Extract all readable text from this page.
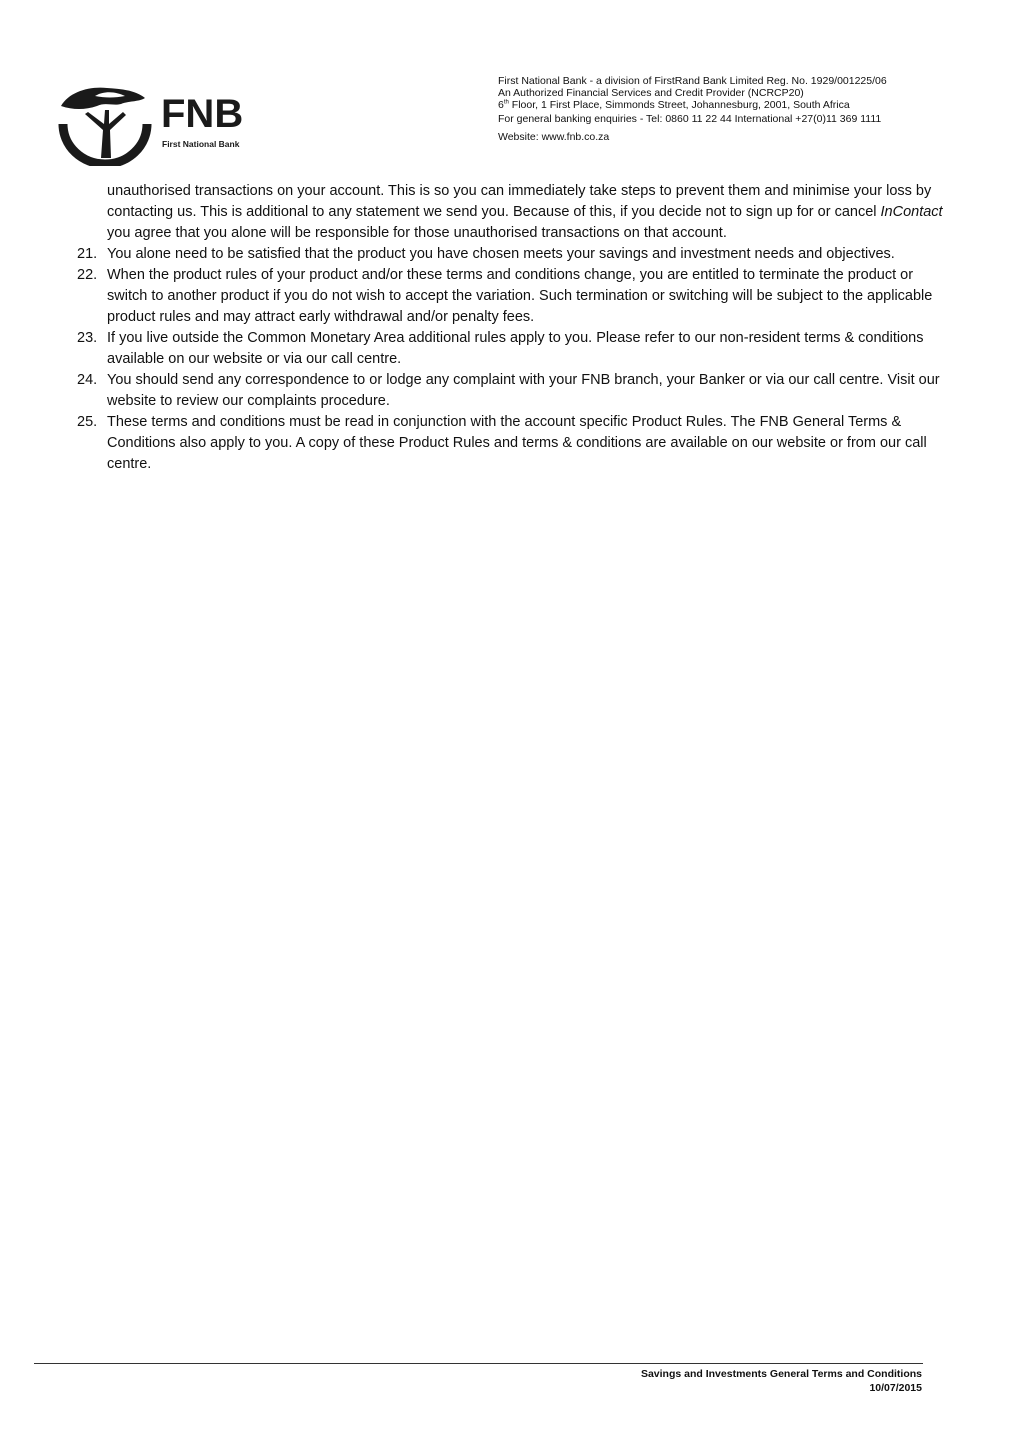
FNB
First National Bank
First National Bank - a division of FirstRand Bank Limited Reg. No. 1929/001225/06
An Authorized Financial Services and Credit Provider (NCRCP20)
6th Floor, 1 First Place, Simmonds Street, Johannesburg, 2001, South Africa
For general banking enquiries - Tel: 0860 11 22 44 International +27(0)11 369 1111
Website: www.fnb.co.za
unauthorised transactions on your account. This is so you can immediately take steps to prevent them and minimise your loss by contacting us. This is additional to any statement we send you. Because of this, if you decide not to sign up for or cancel InContact you agree that you alone will be responsible for those unauthorised transactions on that account.
21. You alone need to be satisfied that the product you have chosen meets your savings and investment needs and objectives.
22. When the product rules of your product and/or these terms and conditions change, you are entitled to terminate the product or switch to another product if you do not wish to accept the variation. Such termination or switching will be subject to the applicable product rules and may attract early withdrawal and/or penalty fees.
23. If you live outside the Common Monetary Area additional rules apply to you. Please refer to our non-resident terms & conditions available on our website or via our call centre.
24. You should send any correspondence to or lodge any complaint with your FNB branch, your Banker or via our call centre. Visit our website to review our complaints procedure.
25. These terms and conditions must be read in conjunction with the account specific Product Rules. The FNB General Terms & Conditions also apply to you. A copy of these Product Rules and terms & conditions are available on our website or from our call centre.
Savings and Investments General Terms and Conditions
10/07/2015
